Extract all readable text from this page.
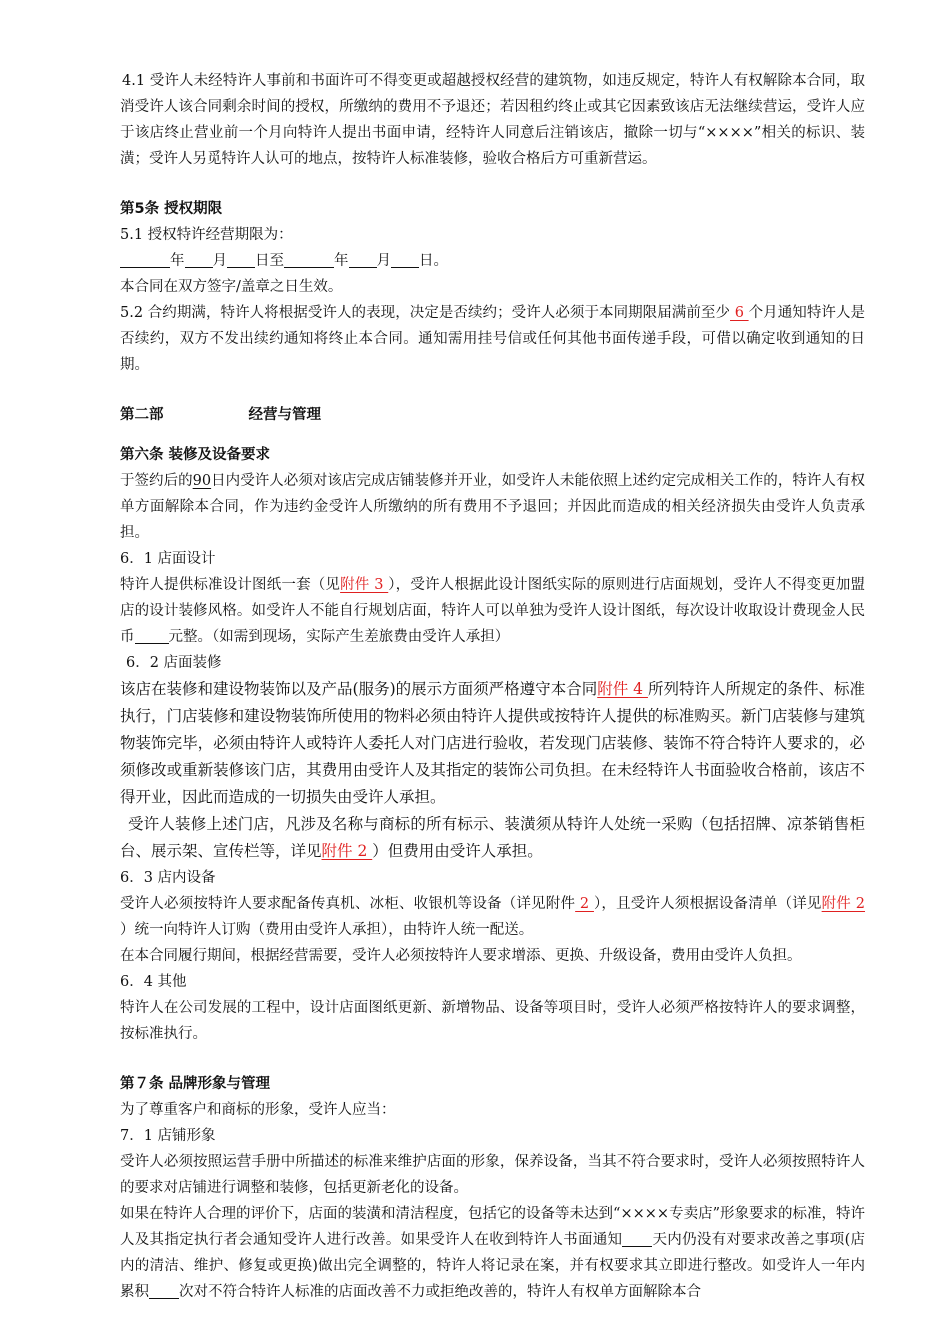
4.1 受许人未经特许人事前和书面许可不得变更或超越授权经营的建筑物，如违反规定，特许人有权解除本合同，取消受许人该合同剩余时间的授权，所缴纳的费用不予退还；若因租约终止或其它因素致该店无法继续营运，受许人应于该店终止营业前一个月向特许人提出书面申请，经特许人同意后注销该店，撤除一切与“××××”相关的标识、装潢；受许人另觅特许人认可的地点，按特许人标准装修，验收合格后方可重新营运。

第5条 授权期限

5.1 授权特许经营期限为：

年 月 日至	年 月 日。

本合同在双方签字/盖章之日生效。

5.2 合约期满，特许人将根据受许人的表现，决定是否续约；受许人必须于本同期限届满前至少 6 个月通知特许人是否续约，双方不发出续约通知将终止本合同。通知需用挂号信或任何其他书面传递手段，可借以确定收到通知的日期。

第二部	经营与管理

第六条 装修及设备要求

于签约后的90日内受许人必须对该店完成店铺装修并开业，如受许人未能依照上述约定完成相关工作的，特许人有权单方面解除本合同，作为违约金受许人所缴纳的所有费用不予退回；并因此而造成的相关经济损失由受许人负责承担。

6．1 店面设计

特许人提供标准设计图纸一套（见附件 3 ），受许人根据此设计图纸实际的原则进行店面规划，受许人不得变更加盟店的设计装修风格。如受许人不能自行规划店面，特许人可以单独为受许人设计图纸，每次设计收取设计费现金人民币 元整。（如需到现场，实际产生差旅费由受许人承担）

6．2 店面装修

该店在装修和建设物装饰以及产品(服务)的展示方面须严格遵守本合同附件 4 所列特许人所规定的条件、标准执行，门店装修和建设物装饰所使用的物料必须由特许人提供或按特许人提供的标准购买。新门店装修与建筑物装饰完毕，必须由特许人或特许人委托人对门店进行验收，若发现门店装修、装饰不符合特许人要求的，必须修改或重新装修该门店，其费用由受许人及其指定的装饰公司负担。在未经特许人书面验收合格前，该店不得开业，因此而造成的一切损失由受许人承担。

受许人装修上述门店，凡涉及名称与商标的所有标示、装潢须从特许人处统一采购（包括招牌、凉茶销售柜台、展示架、宣传栏等，详见附件 2 ）但费用由受许人承担。

6．3 店内设备

受许人必须按特许人要求配备传真机、冰柜、收银机等设备（详见附件 2 ），且受许人须根据设备清单（详见附件 2 ）统一向特许人订购（费用由受许人承担），由特许人统一配送。

在本合同履行期间，根据经营需要，受许人必须按特许人要求增添、更换、升级设备，费用由受许人负担。

6．4 其他

特许人在公司发展的工程中，设计店面图纸更新、新增物品、设备等项目时，受许人必须严格按特许人的要求调整，按标准执行。

第７条 品牌形象与管理

为了尊重客户和商标的形象，受许人应当：

7．1 店铺形象

受许人必须按照运营手册中所描述的标准来维护店面的形象，保养设备，当其不符合要求时，受许人必须按照特许人的要求对店铺进行调整和装修，包括更新老化的设备。

如果在特许人合理的评价下，店面的装潢和清洁程度，包括它的设备等未达到“××××专卖店”形象要求的标准，特许人及其指定执行者会通知受许人进行改善。如果受许人在收到特许人书面通知 天内仍没有对要求改善之事项(店内的清洁、维护、修复或更换)做出完全调整的，特许人将记录在案，并有权要求其立即进行整改。如受许人一年内累积 次对不符合特许人标准的店面改善不力或拒绝改善的，特许人有权单方面解除本合
